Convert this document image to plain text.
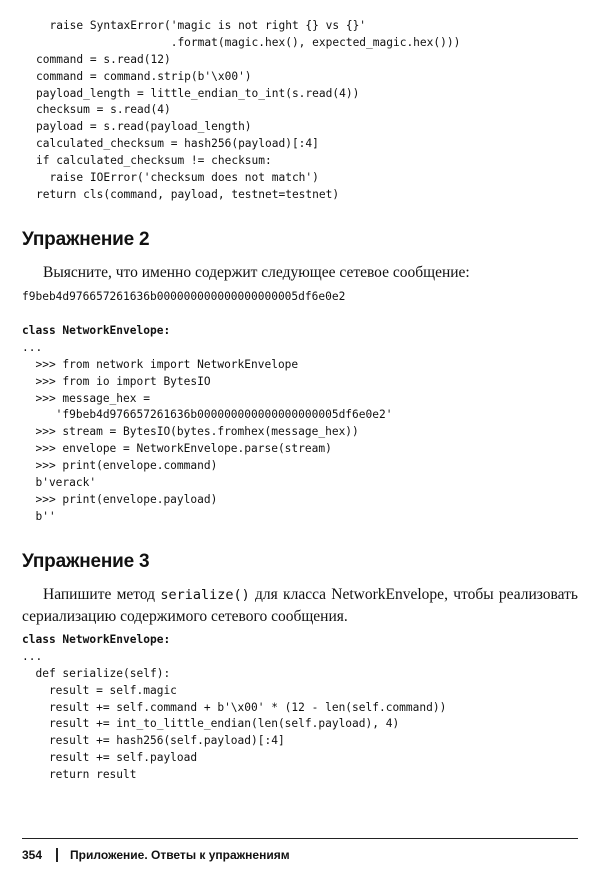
raise SyntaxError('magic is not right {} vs {}'
.format(magic.hex(), expected_magic.hex()))
command = s.read(12)
command = command.strip(b'\x00')
payload_length = little_endian_to_int(s.read(4))
checksum = s.read(4)
payload = s.read(payload_length)
calculated_checksum = hash256(payload)[:4]
if calculated_checksum != checksum:
raise IOError('checksum does not match')
return cls(command, payload, testnet=testnet)
Упражнение 2

Выясните, что именно содержит следующее сетевое сообщение:

f9beb4d976657261636b000000000000000000005df6e0e2
class NetworkEnvelope:
...
>>> from network import NetworkEnvelope
>>> from io import BytesIO
>>> message_hex =
'f9beb4d976657261636b000000000000000000005df6e0e2'
>>> stream = BytesIO(bytes.fromhex(message_hex))
>>> envelope = NetworkEnvelope.parse(stream)
>>> print(envelope.command)
b'verack'
>>> print(envelope.payload)
b''
Упражнение 3

Напишите метод serialize() для класса NetworkEnvelope, чтобы реализовать сериализацию содержимого сетевого сообщения.

class NetworkEnvelope:
...
def serialize(self):
result = self.magic
result += self.command + b'\x00' * (12 - len(self.command))
result += int_to_little_endian(len(self.payload), 4)
result += hash256(self.payload)[:4]
result += self.payload
return result
354 Приложение. Ответы к упражнениям
